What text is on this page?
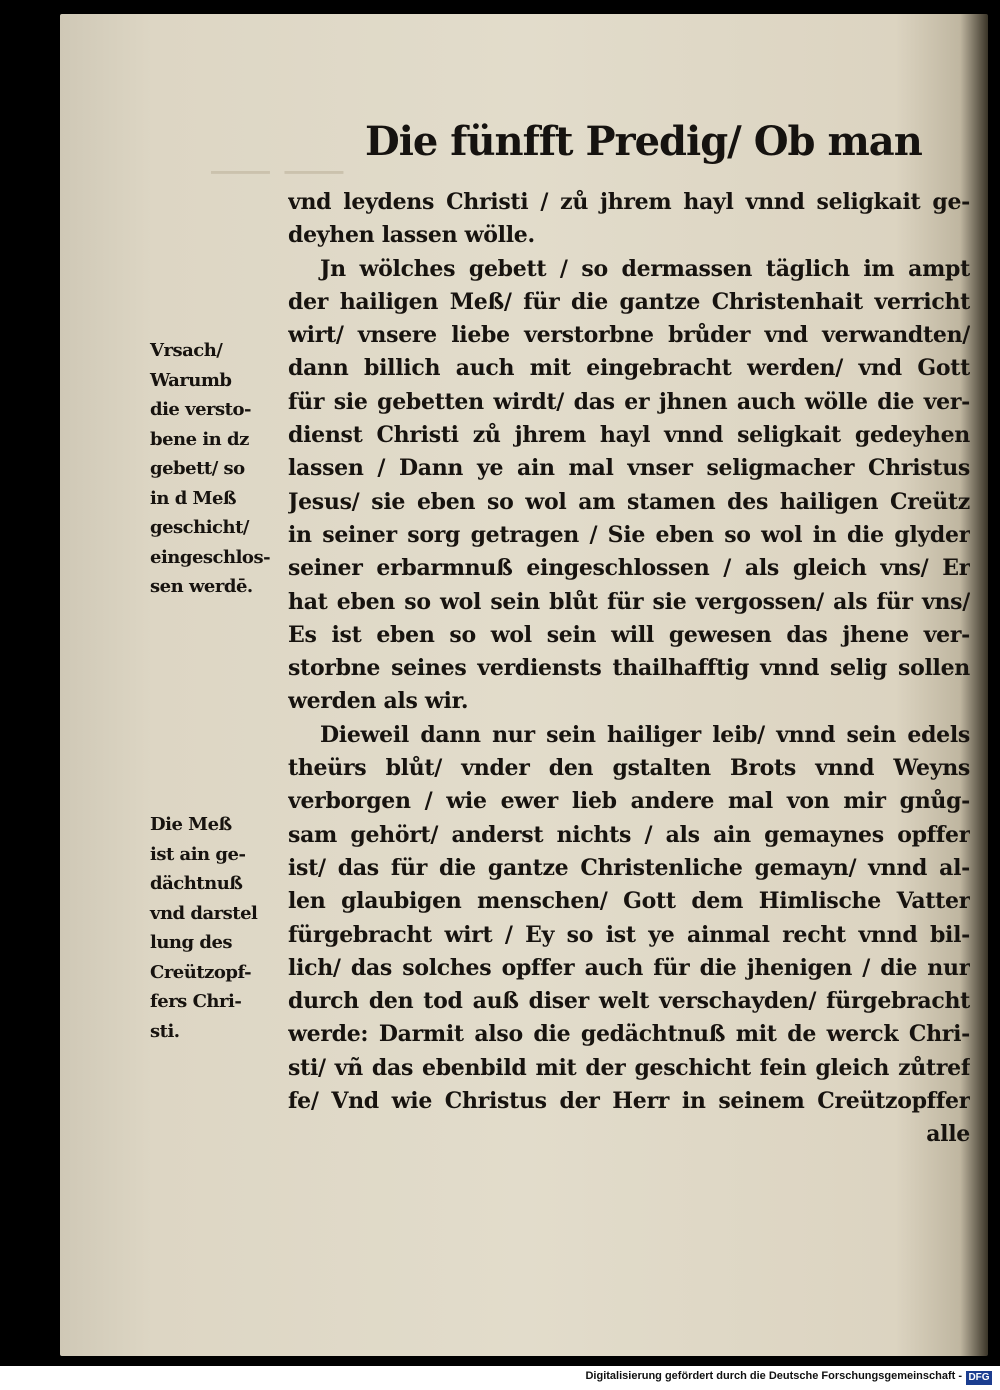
⸺ ⸺
Die fünfft Predig/ Ob man
vnd leydens Christi / zů jhrem hayl vnnd seligkait ge-
deyhen lassen wölle.
Jn wölches gebett / so dermassen täglich im ampt
der hailigen Meß/ für die gantze Christenhait verricht
wirt/ vnsere liebe verstorbne brůder vnd verwandten/
dann billich auch mit eingebracht werden/ vnd Gott
für sie gebetten wirdt/ das er jhnen auch wölle die ver-
dienst Christi zů jhrem hayl vnnd seligkait gedeyhen
lassen / Dann ye ain mal vnser seligmacher Christus
Jesus/ sie eben so wol am stamen des hailigen Creütz
in seiner sorg getragen / Sie eben so wol in die glyder
seiner erbarmnuß eingeschlossen / als gleich vns/ Er
hat eben so wol sein blůt für sie vergossen/ als für vns/
Es ist eben so wol sein will gewesen das jhene ver-
storbne seines verdiensts thailhafftig vnnd selig sollen
werden als wir.
Dieweil dann nur sein hailiger leib/ vnnd sein edels
theürs blůt/ vnder den gstalten Brots vnnd Weyns
verborgen / wie ewer lieb andere mal von mir gnůg-
sam gehört/ anderst nichts / als ain gemaynes opffer
ist/ das für die gantze Christenliche gemayn/ vnnd al-
len glaubigen menschen/ Gott dem Himlische Vatter
fürgebracht wirt / Ey so ist ye ainmal recht vnnd bil-
lich/ das solches opffer auch für die jhenigen / die nur
durch den tod auß diser welt verschayden/ fürgebracht
werde: Darmit also die gedächtnuß mit de werck Chri-
sti/ vñ das ebenbild mit der geschicht fein gleich zůtref
fe/ Vnd wie Christus der Herr in seinem Creützopffer
alle
Vrsach/
Warumb
die versto-
bene in dz
gebett/ so
in d Meß
geschicht/
eingeschlos-
sen werdē.
Die Meß
ist ain ge-
dächtnuß
vnd darstel
lung des
Creützopf-
fers Chri-
sti.
Digitalisierung gefördert durch die Deutsche Forschungsgemeinschaft - DFG
